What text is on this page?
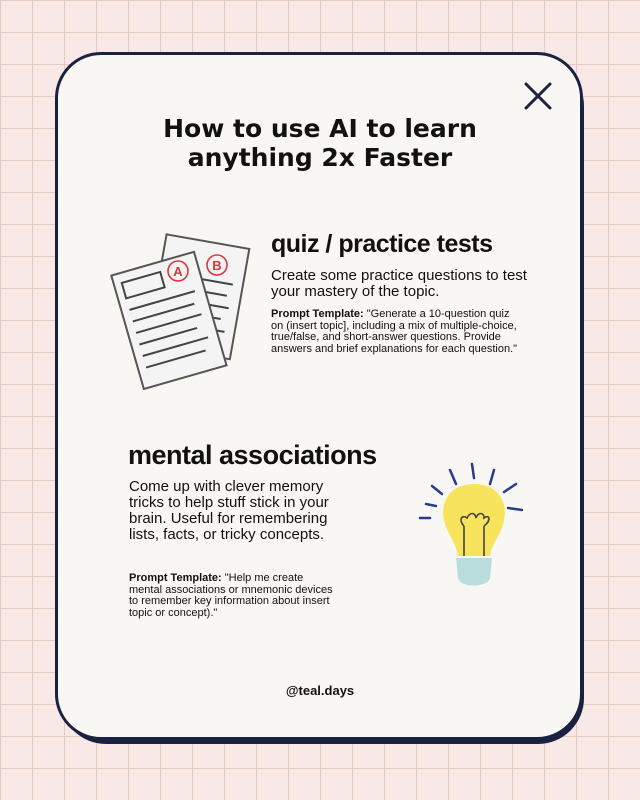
How to use AI to learn
anything 2x Faster
B
A
quiz / practice tests

Create some practice questions to test your mastery of the topic.

Prompt Template: "Generate a 10-question quiz on (insert topic], including a mix of multiple-choice, true/false, and short-answer questions. Provide answers and brief explanations for each question."

mental associations

Come up with clever memory tricks to help stuff stick in your brain. Useful for remembering lists, facts, or tricky concepts.

Prompt Template: "Help me create mental associations or mnemonic devices to remember key information about insert topic or concept)."

@teal.days
